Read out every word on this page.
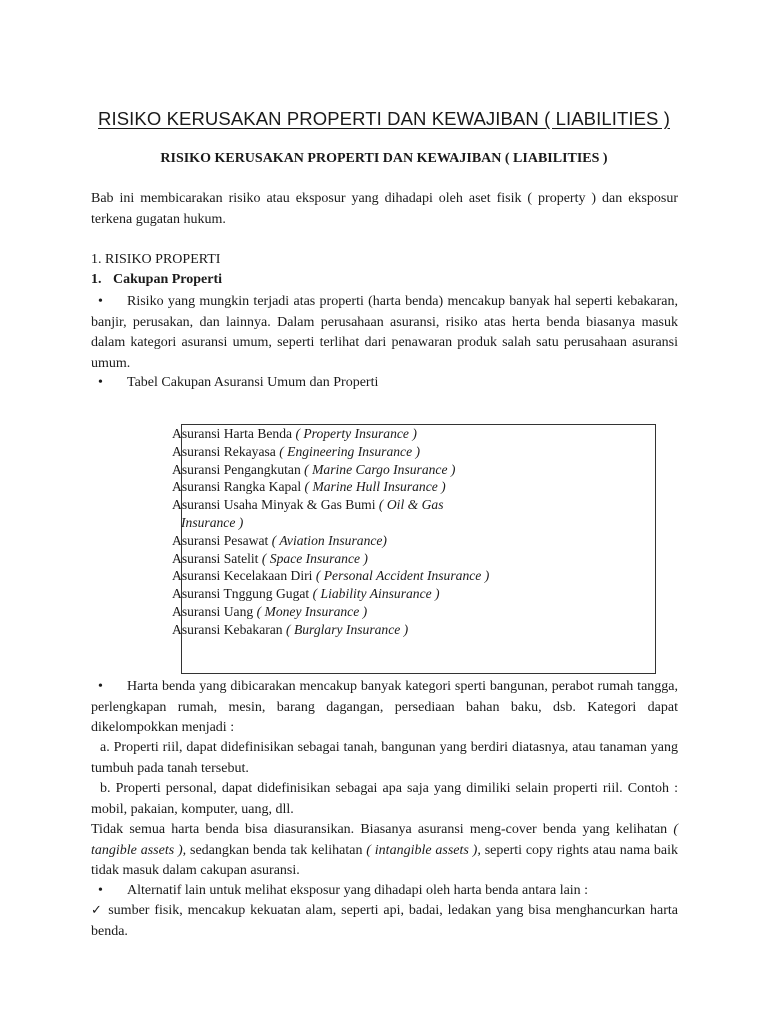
RISIKO KERUSAKAN PROPERTI DAN KEWAJIBAN ( LIABILITIES )
RISIKO KERUSAKAN PROPERTI DAN KEWAJIBAN ( LIABILITIES )
Bab ini membicarakan risiko atau eksposur yang dihadapi oleh aset fisik ( property ) dan eksposur terkena gugatan hukum.
1. RISIKO PROPERTI
1. Cakupan Properti
• Risiko yang mungkin terjadi atas properti (harta benda) mencakup banyak hal seperti kebakaran, banjir, perusakan, dan lainnya. Dalam perusahaan asuransi, risiko atas herta benda biasanya masuk dalam kategori asuransi umum, seperti terlihat dari penawaran produk salah satu perusahaan asuransi umum.
• Tabel Cakupan Asuransi Umum dan Properti
Asuransi Harta Benda ( Property Insurance )
Asuransi Rekayasa ( Engineering Insurance )
Asuransi Pengangkutan ( Marine Cargo Insurance )
Asuransi Rangka Kapal ( Marine Hull Insurance )
Asuransi Usaha Minyak & Gas Bumi ( Oil & Gas
Insurance )
Asuransi Pesawat ( Aviation Insurance)
Asuransi Satelit ( Space Insurance )
Asuransi Kecelakaan Diri ( Personal Accident Insurance )
Asuransi Tnggung Gugat ( Liability Ainsurance )
Asuransi Uang ( Money Insurance )
Asuransi Kebakaran ( Burglary Insurance )
• Harta benda yang dibicarakan mencakup banyak kategori sperti bangunan, perabot rumah tangga, perlengkapan rumah, mesin, barang dagangan, persediaan bahan baku, dsb. Kategori dapat dikelompokkan menjadi :
a. Properti riil, dapat didefinisikan sebagai tanah, bangunan yang berdiri diatasnya, atau tanaman yang tumbuh pada tanah tersebut.
b. Properti personal, dapat didefinisikan sebagai apa saja yang dimiliki selain properti riil. Contoh : mobil, pakaian, komputer, uang, dll.
Tidak semua harta benda bisa diasuransikan. Biasanya asuransi meng-cover benda yang kelihatan ( tangible assets ), sedangkan benda tak kelihatan ( intangible assets ), seperti copy rights atau nama baik tidak masuk dalam cakupan asuransi.
• Alternatif lain untuk melihat eksposur yang dihadapi oleh harta benda antara lain :
✓ sumber fisik, mencakup kekuatan alam, seperti api, badai, ledakan yang bisa menghancurkan harta benda.
